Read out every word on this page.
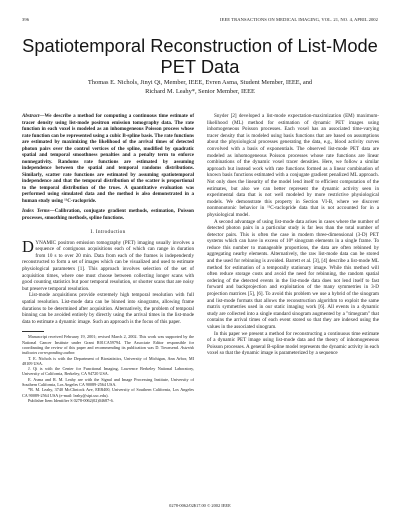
396	IEEE TRANSACTIONS ON MEDICAL IMAGING, VOL. 21, NO. 4, APRIL 2002
Spatiotemporal Reconstruction of List-Mode PET Data
Thomas E. Nichols, Jinyi Qi, Member, IEEE, Evren Asma, Student Member, IEEE, and
Richard M. Leahy*, Senior Member, IEEE

Abstract—We describe a method for computing a continuous time estimate of tracer density using list-mode positron emission tomography data. The rate function in each voxel is modeled as an inhomogeneous Poisson process whose rate function can be represented using a cubic B-spline basis. The rate functions are estimated by maximizing the likelihood of the arrival times of detected photon pairs over the control vertices of the spline, modified by quadratic spatial and temporal smoothness penalties and a penalty term to enforce nonnegativity. Randoms rate functions are estimated by assuming independence between the spatial and temporal randoms distributions. Similarly, scatter rate functions are estimated by assuming spatiotemporal independence and that the temporal distribution of the scatter is proportional to the temporal distribution of the trues. A quantitative evaluation was performed using simulated data and the method is also demonstrated in a human study using ¹¹C-raclopride.

Index Terms—Calibration, conjugate gradient methods, estimation, Poisson processes, smoothing methods, spline functions.

I. Introduction

DYNAMIC positron emission tomography (PET) imaging usually involves a sequence of contiguous acquisitions each of which can range in duration from 10 s to over 20 min. Data from each of the frames is independently reconstructed to form a set of images which can be visualized and used to estimate physiological parameters [1]. This approach involves selection of the set of acquisition times, where one must choose between collecting longer scans with good counting statistics but poor temporal resolution, or shorter scans that are noisy but preserve temporal resolution.

List-mode acquisitions provide extremely high temporal resolution with full spatial resolution. List-mode data can be binned into sinograms, allowing frame durations to be determined after acquisition. Alternatively, the problem of temporal binning can be avoided entirely by directly using the arrival times in the list-mode data to estimate a dynamic image. Such an approach is the focus of this paper.

Manuscript received February 19, 2001; revised March 2, 2002. This work was supported by the National Cancer Institute under Grant R01CA59794. The Associate Editor responsible for coordinating the review of this paper and recommending its publication was D. Townsend. Asterisk indicates corresponding author.

T. E. Nichols is with the Department of Biostatistics, University of Michigan, Ann Arbor, MI 48109 USA.

J. Qi is with the Center for Functional Imaging, Lawrence Berkeley National Laboratory, University of California, Berkeley, CA 94720 USA.

E. Asma and R. M. Leahy are with the Signal and Image Processing Institute, University of Southern California, Los Angeles CA 90089-2564 USA.

*R. M. Leahy, 3740 McClintock Ave, EEB400, University of Southern California, Los Angeles CA 90089-2564 USA (e-mail: leahy@sipi.usc.edu).

Publisher Item Identifier S 0278-0062(02)04687-6.

Snyder [2] developed a list-mode expectation-maximization (EM) maximum-likelihood (ML) method for estimation of dynamic PET images using inhomogeneous Poisson processes. Each voxel has an associated time-varying tracer density that is modeled using basis functions that are based on assumptions about the physiological processes generating the data, e.g., blood activity curves convolved with a basis of exponentials. The observed list-mode PET data are modeled as inhomogeneous Poisson processes whose rate functions are linear combinations of the dynamic voxel tracer densities. Here, we follow a similar approach but instead work with rate functions formed as a linear combination of known basis functions estimated with a conjugate gradient penalized ML approach. Not only does the linearity of the model lend itself to efficient computation of the estimates, but also we can better represent the dynamic activity seen in experimental data that is not well modeled by more restrictive physiological models. We demonstrate this property in Section VI-B, where we discover nonmonotonic behavior in ¹¹C-raclopride data that is not accounted for in a physiological model.

A second advantage of using list-mode data arises in cases where the number of detected photon pairs in a particular study is far less than the total number of detector pairs. This is often the case in modern three-dimensional (3-D) PET systems which can have in excess of 10⁸ sinogram elements in a single frame. To reduce this number to manageable proportions, the data are often rebinned by aggregating nearby elements. Alternatively, the raw list-mode data can be stored and the used for rebinning is avoided. Barrett et al. [3], [4] describe a list-mode ML method for estimation of a temporally stationary image. While this method will often reduce storage costs and avoid the need for rebinning, the random spatial ordering of the detected events in the list-mode data does not lend itself to fast forward and backprojection and exploitation of the many symmetries in 3-D projection matrices [5], [6]. To avoid this problem we use a hybrid of the sinogram and list-mode formats that allows the reconstruction algorithm to exploit the same matrix symmetries used in our static imaging work [6]. All events in a dynamic study are collected into a single standard sinogram augmented by a "timegram" that contains the arrival times of each event stored so that they are indexed using the values in the associated sinogram.

In this paper we present a method for reconstructing a continuous time estimate of a dynamic PET image using list-mode data and the theory of inhomogeneous Poisson processes. A general B-spline model represents the dynamic activity in each voxel so that the dynamic image is parameterized by a sequence

0278-0062/02$17.00 © 2002 IEEE
